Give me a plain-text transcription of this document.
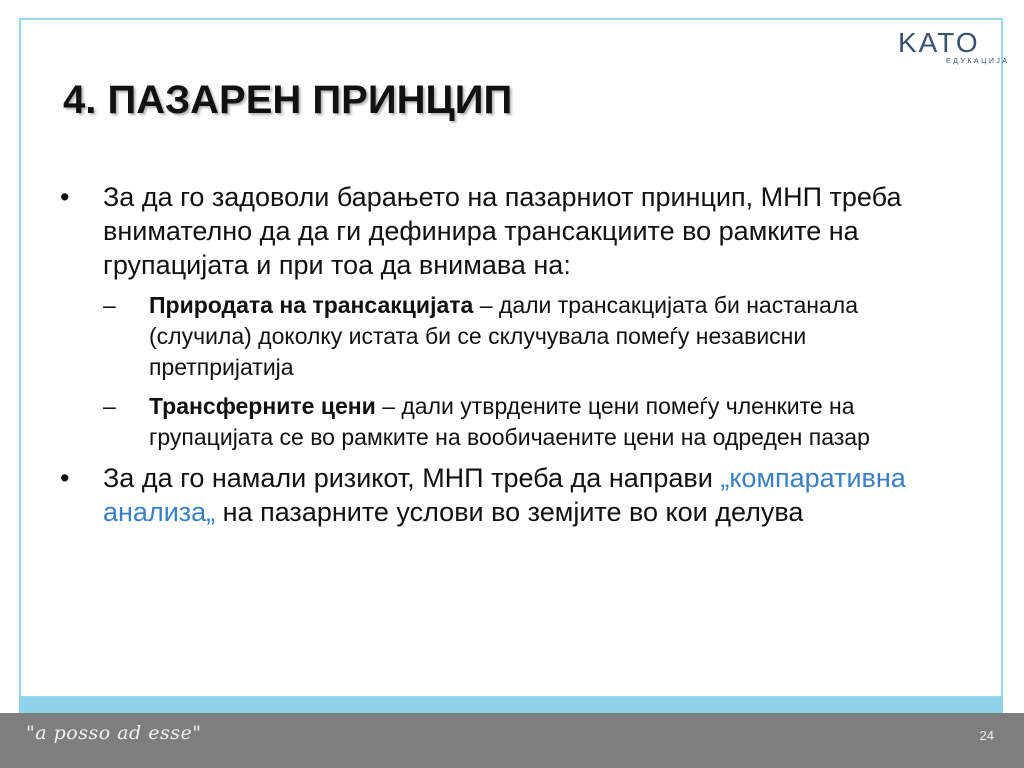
KATO
ЕДУКАЦИЈА
4. ПАЗАРЕН ПРИНЦИП
• За да го задоволи барањето на пазарниот принцип, МНП треба внимателно да да ги дефинира трансакциите во рамките на групацијата и при тоа да внимава на:
– Природата на трансакцијата – дали трансакцијата би настанала (случила) доколку истата би се склучувала помеѓу независни претпријатија
– Трансферните цени – дали утврдените цени помеѓу членките на групацијата се во рамките на вообичаените цени на одреден пазар
• За да го намали ризикот, МНП треба да направи „компаративна анализа„ на пазарните услови во земјите во кои делува
"a posso ad esse"	24
